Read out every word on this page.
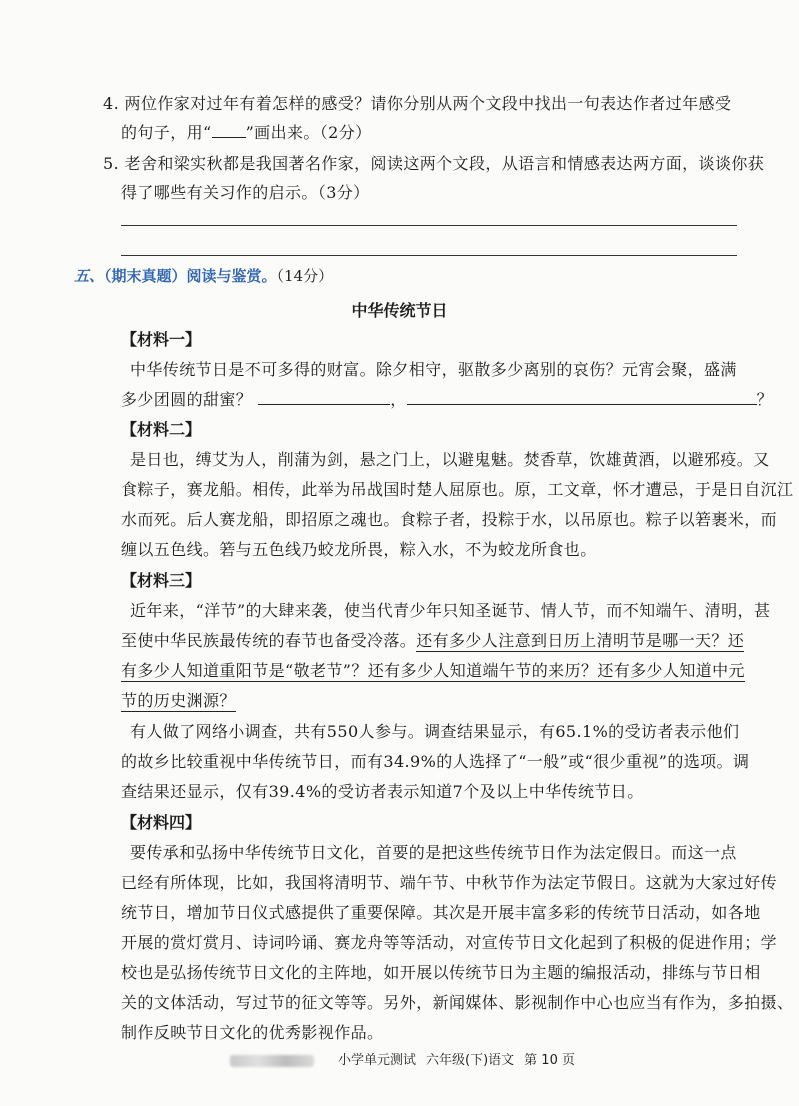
4. 两位作家对过年有着怎样的感受？请你分别从两个文段中找出一句表达作者过年感受
的句子，用“ ”画出来。（2分）
5. 老舍和梁实秋都是我国著名作家，阅读这两个文段，从语言和情感表达两方面，谈谈你获
得了哪些有关习作的启示。（3分）
五、（期末真题）阅读与鉴赏。（14分）
中华传统节日
【材料一】
中华传统节日是不可多得的财富。除夕相守，驱散多少离别的哀伤？元宵会聚，盛满
多少团圆的甜蜜？	，	？
【材料二】
是日也，缚艾为人，削蒲为剑，悬之门上，以避鬼魅。焚香草，饮雄黄酒，以避邪疫。又
食粽子，赛龙船。相传，此举为吊战国时楚人屈原也。原，工文章，怀才遭忌，于是日自沉江
水而死。后人赛龙船，即招原之魂也。食粽子者，投粽于水，以吊原也。粽子以箬裹米，而
缠以五色线。箬与五色线乃蛟龙所畏，粽入水，不为蛟龙所食也。
【材料三】
近年来，“洋节”的大肆来袭，使当代青少年只知圣诞节、情人节，而不知端午、清明，甚
至使中华民族最传统的春节也备受冷落。还有多少人注意到日历上清明节是哪一天？还
有多少人知道重阳节是“敬老节”？还有多少人知道端午节的来历？还有多少人知道中元
节的历史渊源？
有人做了网络小调查，共有550人参与。调查结果显示，有65.1%的受访者表示他们
的故乡比较重视中华传统节日，而有34.9%的人选择了“一般”或“很少重视”的选项。调
查结果还显示，仅有39.4%的受访者表示知道7个及以上中华传统节日。
【材料四】
要传承和弘扬中华传统节日文化，首要的是把这些传统节日作为法定假日。而这一点
已经有所体现，比如，我国将清明节、端午节、中秋节作为法定节假日。这就为大家过好传
统节日，增加节日仪式感提供了重要保障。其次是开展丰富多彩的传统节日活动，如各地
开展的赏灯赏月、诗词吟诵、赛龙舟等等活动，对宣传节日文化起到了积极的促进作用；学
校也是弘扬传统节日文化的主阵地，如开展以传统节日为主题的编报活动，排练与节日相
关的文体活动，写过节的征文等等。另外，新闻媒体、影视制作中心也应当有作为，多拍摄、
制作反映节日文化的优秀影视作品。
小学单元测试 六年级(下)语文 第 10 页
